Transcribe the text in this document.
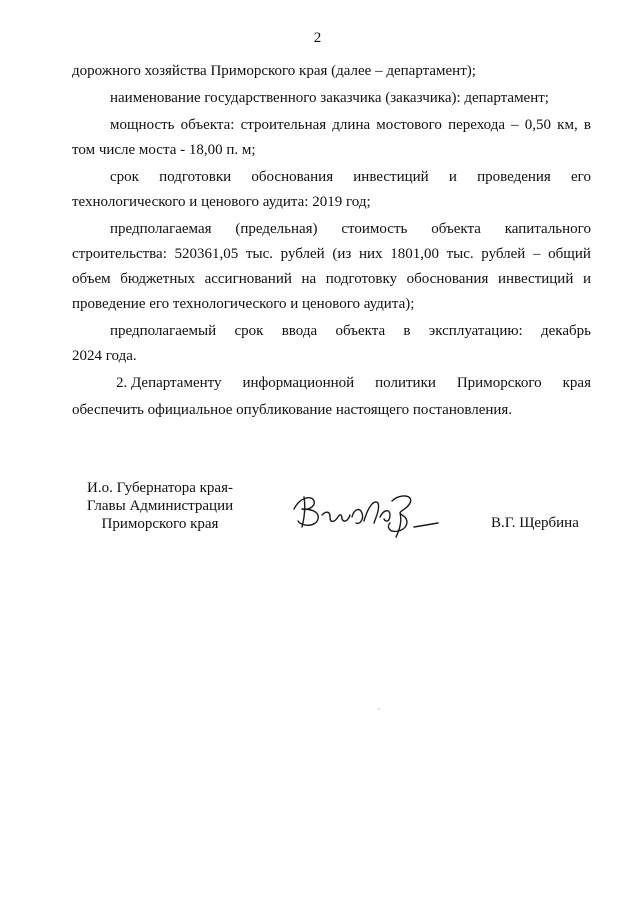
2
дорожного хозяйства Приморского края (далее – департамент);
наименование государственного заказчика (заказчика): департамент;
мощность объекта: строительная длина мостового перехода – 0,50 км, в
том числе моста - 18,00 п. м;
срок подготовки обоснования инвестиций и проведения его
технологического и ценового аудита: 2019 год;
предполагаемая (предельная) стоимость объекта капитального
строительства: 520361,05 тыс. рублей (из них 1801,00 тыс. рублей – общий
объем бюджетных ассигнований на подготовку обоснования инвестиций и
проведение его технологического и ценового аудита);
предполагаемый срок ввода объекта в эксплуатацию: декабрь
2024 года.
2. Департаменту информационной политики Приморского края
обеспечить официальное опубликование настоящего постановления.
И.о. Губернатора края-
Главы Администрации
Приморского края	В.Г. Щербина
